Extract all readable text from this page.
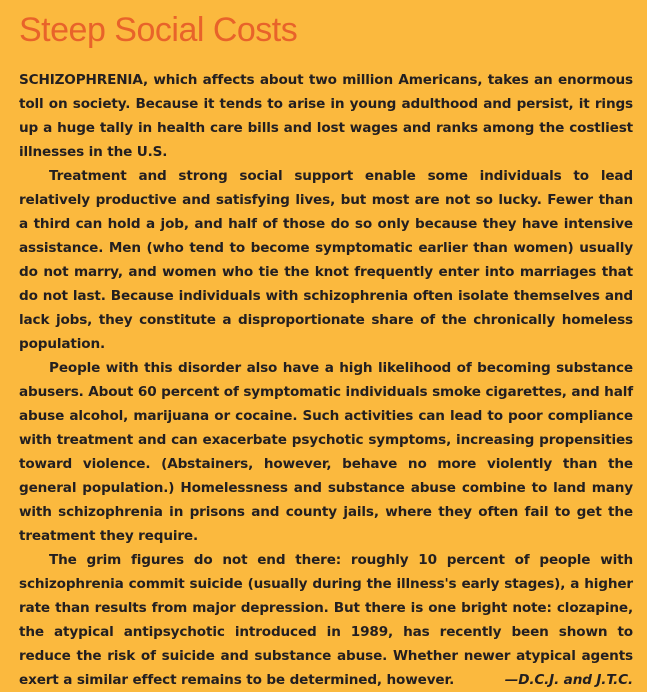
Steep Social Costs

SCHIZOPHRENIA, which affects about two million Americans, takes an enormous toll on society. Because it tends to arise in young adulthood and persist, it rings up a huge tally in health care bills and lost wages and ranks among the costliest illnesses in the U.S.

Treatment and strong social support enable some individuals to lead relatively productive and satisfying lives, but most are not so lucky. Fewer than a third can hold a job, and half of those do so only because they have intensive assistance. Men (who tend to become symptomatic earlier than women) usually do not marry, and women who tie the knot frequently enter into marriages that do not last. Because individuals with schizophrenia often isolate themselves and lack jobs, they constitute a disproportionate share of the chronically homeless population.

People with this disorder also have a high likelihood of becoming substance abusers. About 60 percent of symptomatic individuals smoke cigarettes, and half abuse alcohol, marijuana or cocaine. Such activities can lead to poor compliance with treatment and can exacerbate psychotic symptoms, increasing propensities toward violence. (Abstainers, however, behave no more violently than the general population.) Homelessness and substance abuse combine to land many with schizophrenia in prisons and county jails, where they often fail to get the treatment they require.

The grim figures do not end there: roughly 10 percent of people with schizophrenia commit suicide (usually during the illness's early stages), a higher rate than results from major depression. But there is one bright note: clozapine, the atypical antipsychotic introduced in 1989, has recently been shown to reduce the risk of suicide and substance abuse. Whether newer atypical agents exert a similar effect remains to be determined, however.	—D.C.J. and J.T.C.
